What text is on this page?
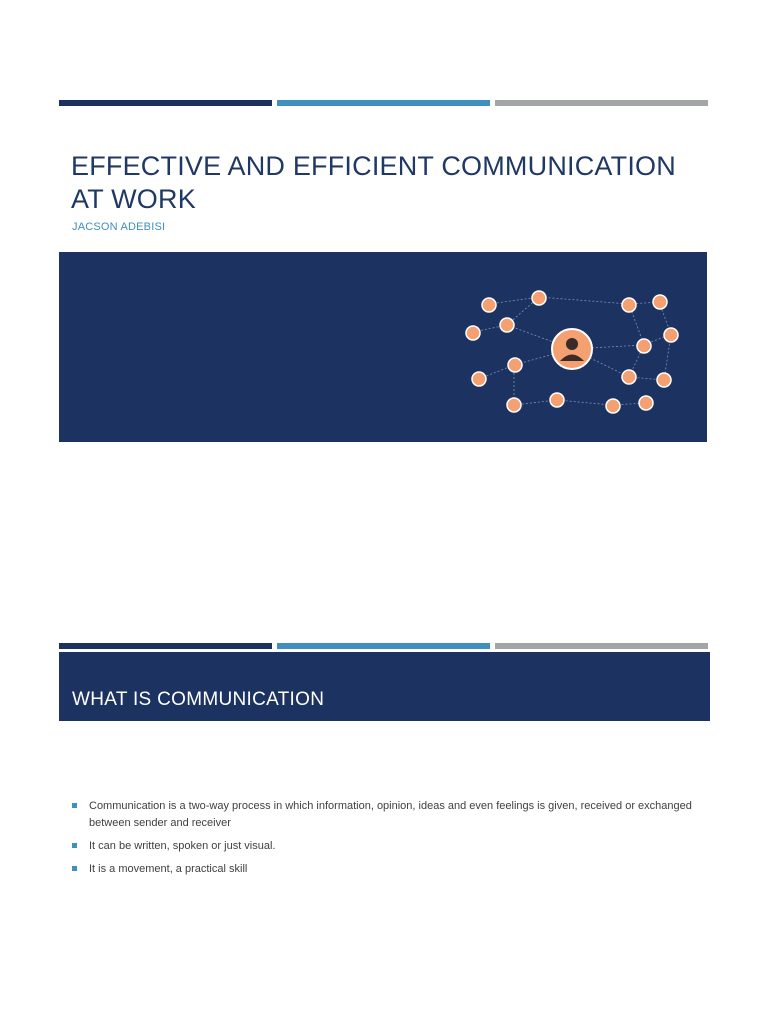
EFFECTIVE AND EFFICIENT COMMUNICATION AT WORK
JACSON ADEBISI
WHAT IS COMMUNICATION
Communication is a two-way process in which information, opinion, ideas and even feelings is given, received or exchanged between sender and receiver
It can be written, spoken or just visual.
It is a movement, a practical skill
